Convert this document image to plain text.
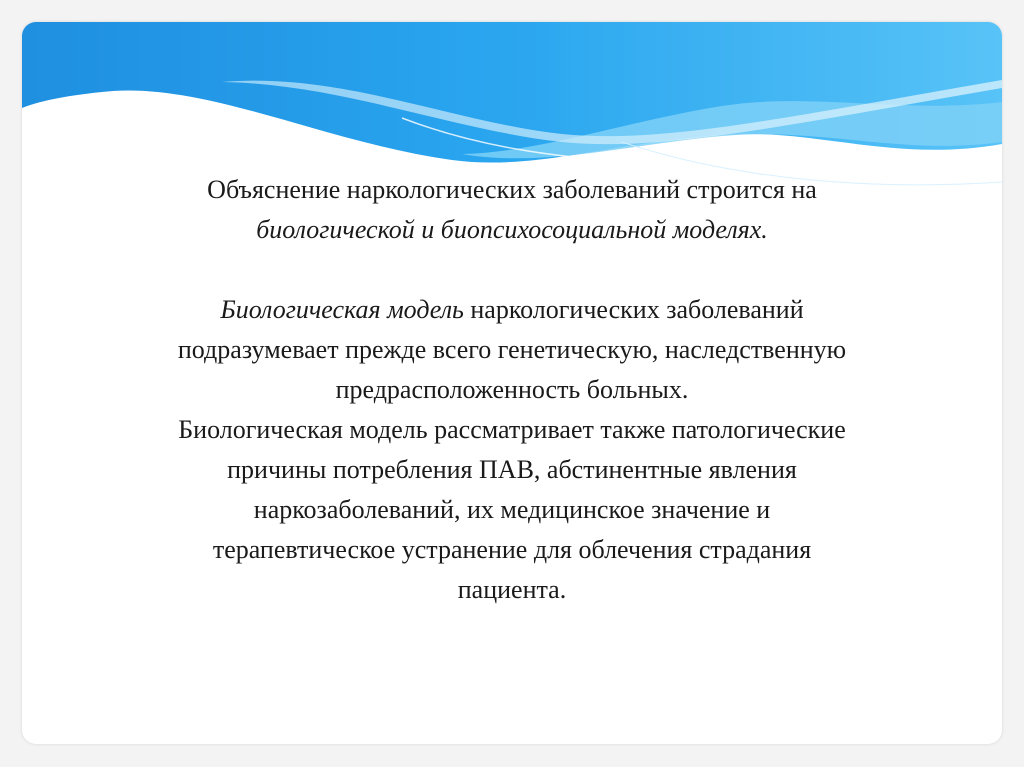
Объяснение наркологических заболеваний строится на
биологической и биопсихосоциальной моделях.

Биологическая модель наркологических заболеваний
подразумевает прежде всего генетическую, наследственную
предрасположенность больных.

Биологическая модель рассматривает также патологические
причины потребления ПАВ, абстинентные явления
наркозаболеваний, их медицинское значение и
терапевтическое устранение для облечения страдания
пациента.
